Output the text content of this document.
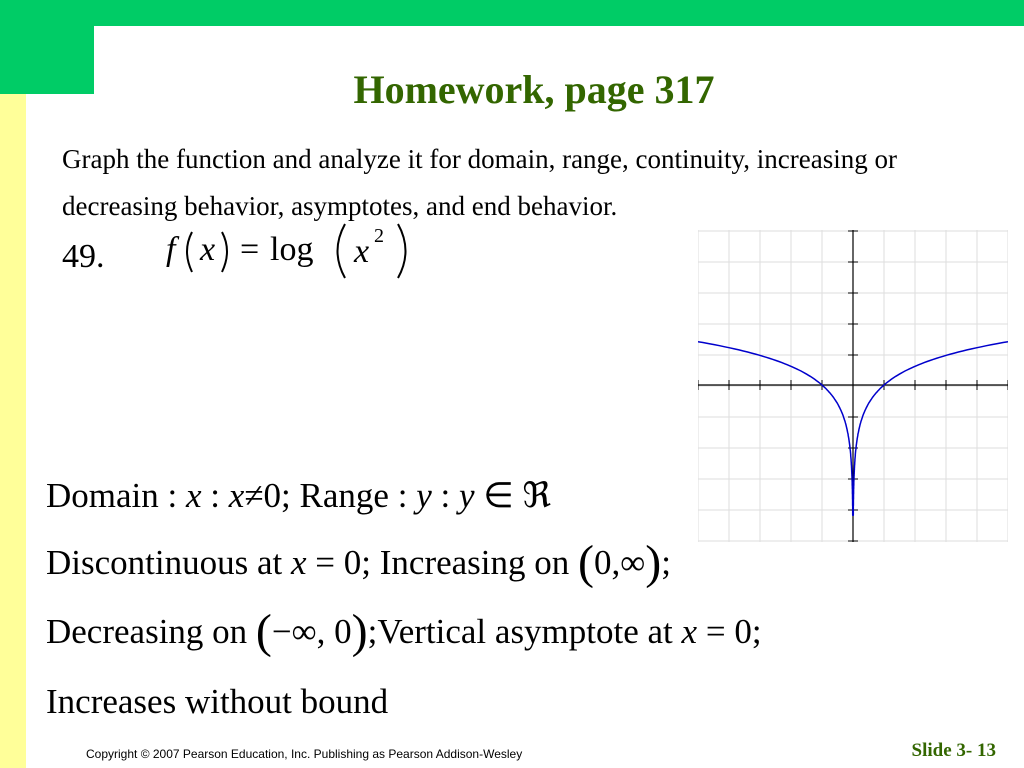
Homework, page 317
Graph the function and analyze it for domain, range, continuity, increasing or decreasing behavior, asymptotes, and end behavior.
49. f x = log x 2
Domain : x : x≠0; Range : y : y ∈ ℜ
Discontinuous at x = 0; Increasing on (0,∞);
Decreasing on (−∞, 0);Vertical asymptote at x = 0;
Increases without bound
Copyright © 2007 Pearson Education, Inc. Publishing as Pearson Addison-Wesley	Slide 3- 13
